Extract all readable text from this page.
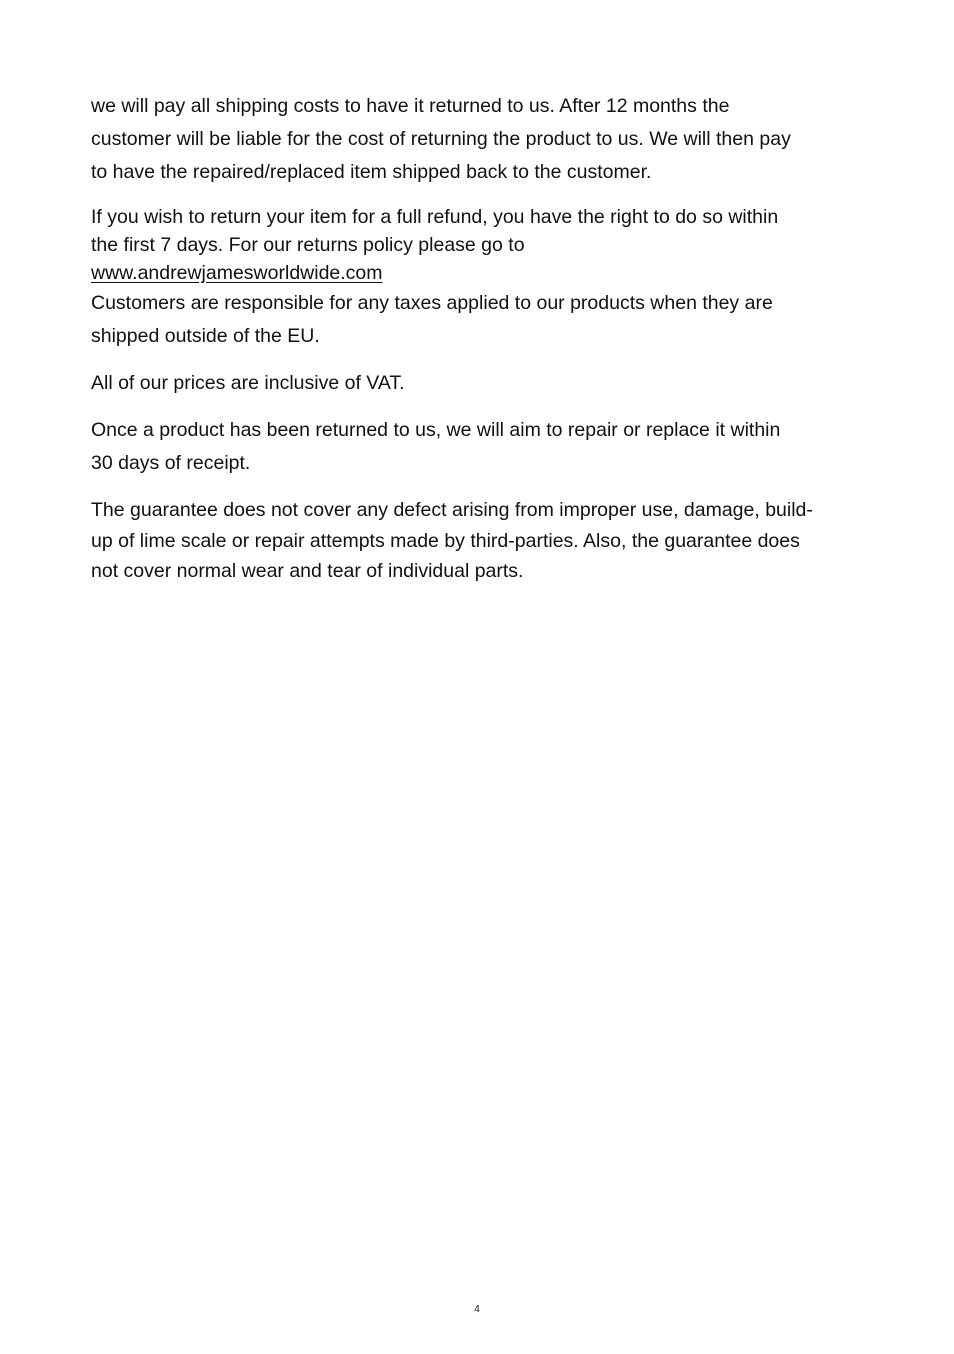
we will pay all shipping costs to have it returned to us. After 12 months the
customer will be liable for the cost of returning the product to us. We will then pay
to have the repaired/replaced item shipped back to the customer.
If you wish to return your item for a full refund, you have the right to do so within
the first 7 days. For our returns policy please go to
www.andrewjamesworldwide.com
Customers are responsible for any taxes applied to our products when they are
shipped outside of the EU.
All of our prices are inclusive of VAT.
Once a product has been returned to us, we will aim to repair or replace it within
30 days of receipt.
The guarantee does not cover any defect arising from improper use, damage, build-
up of lime scale or repair attempts made by third-parties. Also, the guarantee does
not cover normal wear and tear of individual parts.
4
